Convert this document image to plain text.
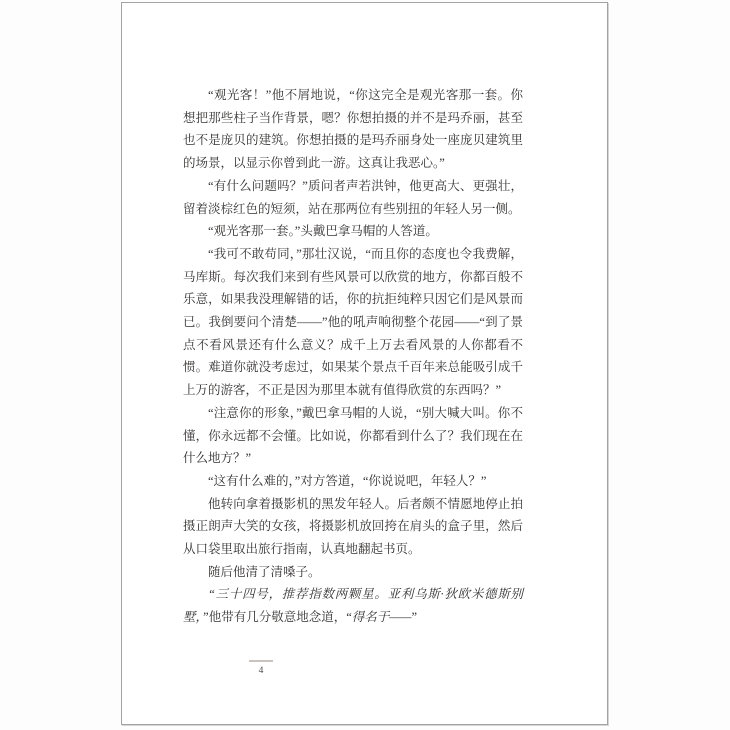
“观光客！”他不屑地说，“你这完全是观光客那一套。你想把那些柱子当作背景，嗯？你想拍摄的并不是玛乔丽，甚至也不是庞贝的建筑。你想拍摄的是玛乔丽身处一座庞贝建筑里的场景，以显示你曾到此一游。这真让我恶心。”

“有什么问题吗？”质问者声若洪钟，他更高大、更强壮，留着淡棕红色的短须，站在那两位有些别扭的年轻人另一侧。

“观光客那一套。”头戴巴拿马帽的人答道。

“我可不敢苟同，”那壮汉说，“而且你的态度也令我费解，马库斯。每次我们来到有些风景可以欣赏的地方，你都百般不乐意，如果我没理解错的话，你的抗拒纯粹只因它们是风景而已。我倒要问个清楚——”他的吼声响彻整个花园——“到了景点不看风景还有什么意义？成千上万去看风景的人你都看不惯。难道你就没考虑过，如果某个景点千百年来总能吸引成千上万的游客，不正是因为那里本就有值得欣赏的东西吗？”

“注意你的形象，”戴巴拿马帽的人说，“别大喊大叫。你不懂，你永远都不会懂。比如说，你都看到什么了？我们现在在什么地方？”

“这有什么难的，”对方答道，“你说说吧，年轻人？”

他转向拿着摄影机的黑发年轻人。后者颇不情愿地停止拍摄正朗声大笑的女孩，将摄影机放回挎在肩头的盒子里，然后从口袋里取出旅行指南，认真地翻起书页。

随后他清了清嗓子。

“三十四号，推荐指数两颗星。亚利乌斯·狄欧米德斯别墅，”他带有几分敬意地念道，“得名于——”

4
